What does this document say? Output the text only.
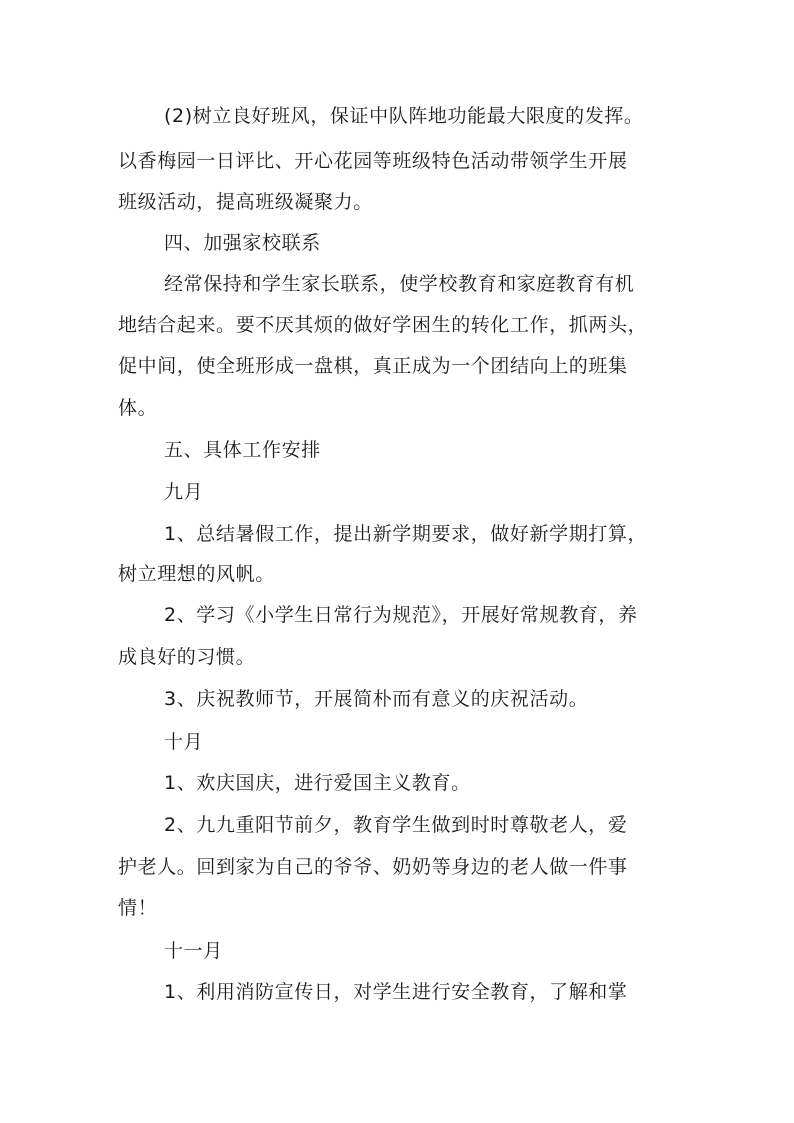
(2)树立良好班风，保证中队阵地功能最大限度的发挥。
以香梅园一日评比、开心花园等班级特色活动带领学生开展
班级活动，提高班级凝聚力。
四、加强家校联系
经常保持和学生家长联系，使学校教育和家庭教育有机
地结合起来。要不厌其烦的做好学困生的转化工作，抓两头，
促中间，使全班形成一盘棋，真正成为一个团结向上的班集
体。
五、具体工作安排
九月
1、总结暑假工作，提出新学期要求，做好新学期打算，
树立理想的风帆。
2、学习《小学生日常行为规范》，开展好常规教育，养
成良好的习惯。
3、庆祝教师节，开展简朴而有意义的庆祝活动。
十月
1、欢庆国庆，进行爱国主义教育。
2、九九重阳节前夕，教育学生做到时时尊敬老人，爱
护老人。回到家为自己的爷爷、奶奶等身边的老人做一件事
情！
十一月
1、利用消防宣传日，对学生进行安全教育，了解和掌
